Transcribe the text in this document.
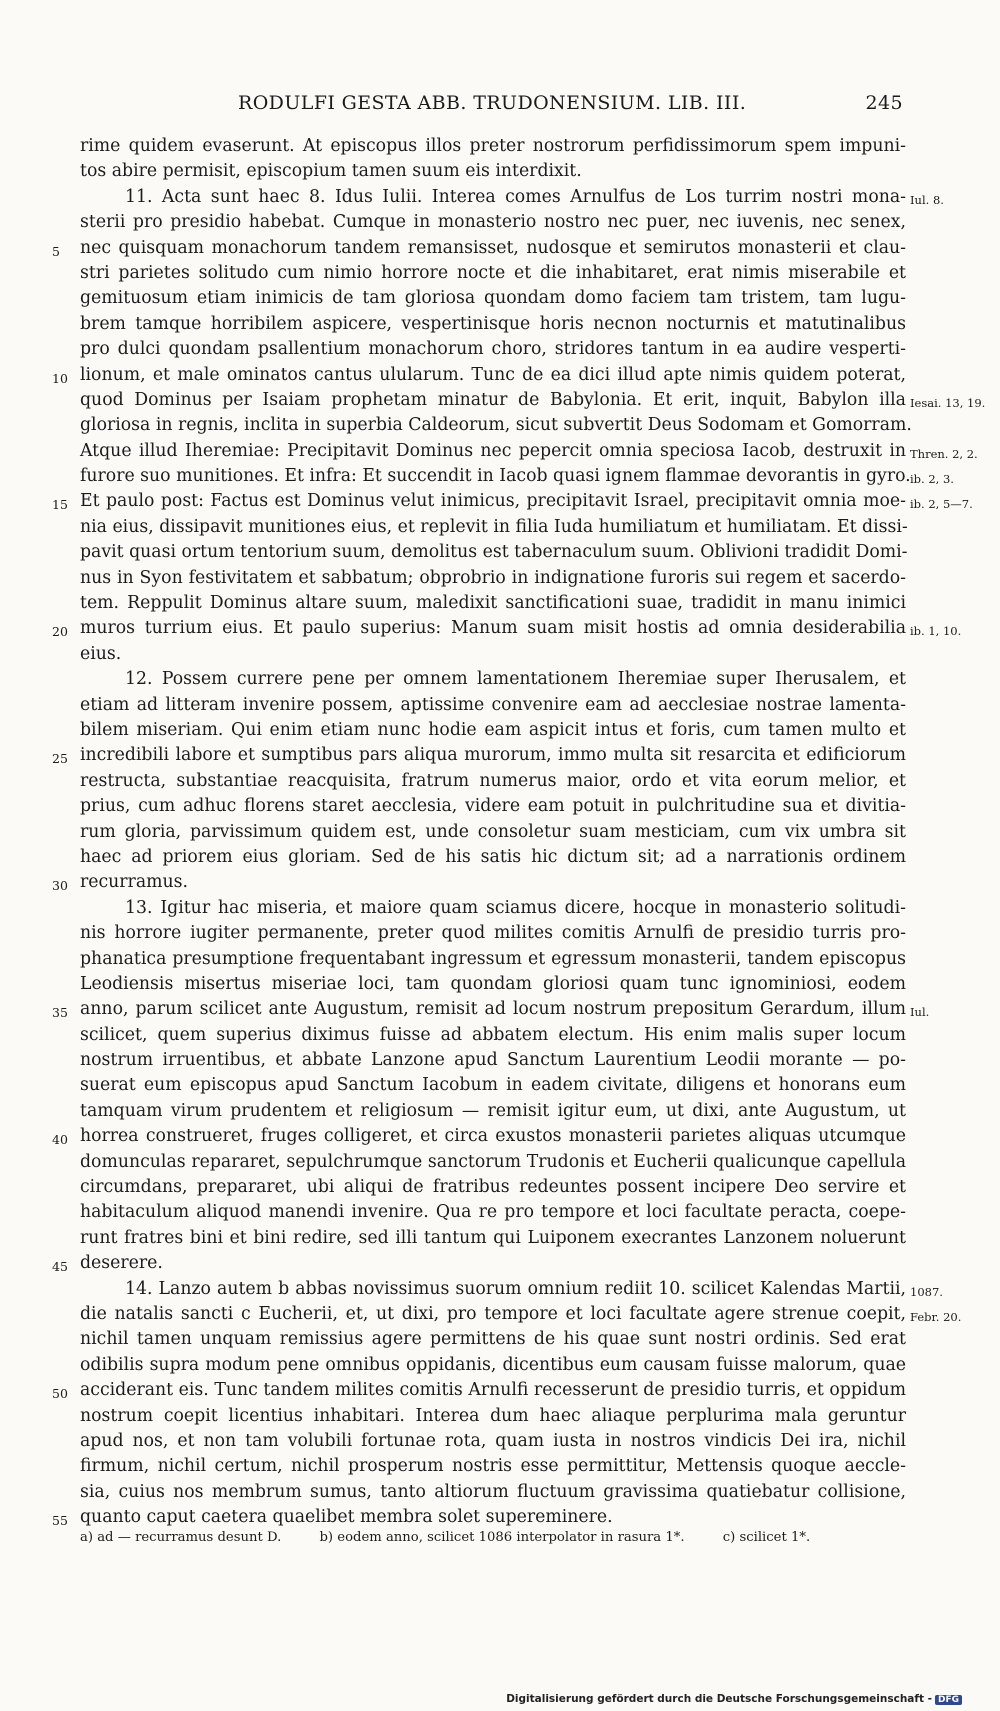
RODULFI GESTA ABB. TRUDONENSIUM. LIB. III.	245
rime quidem evaserunt. At episcopus illos preter nostrorum perfidissimorum spem impuni-
tos abire permisit, episcopium tamen suum eis interdixit.
11. Acta sunt haec 8. Idus Iulii. Interea comes Arnulfus de Los turrim nostri mona- Iul. 8.
sterii pro presidio habebat. Cumque in monasterio nostro nec puer, nec iuvenis, nec senex,
5	nec quisquam monachorum tandem remansisset, nudosque et semirutos monasterii et clau-
stri parietes solitudo cum nimio horrore nocte et die inhabitaret, erat nimis miserabile et
gemituosum etiam inimicis de tam gloriosa quondam domo faciem tam tristem, tam lugu-
brem tamque horribilem aspicere, vespertinisque horis necnon nocturnis et matutinalibus
pro dulci quondam psallentium monachorum choro, stridores tantum in ea audire vesperti-
10 lionum, et male ominatos cantus ulularum. Tunc de ea dici illud apte nimis quidem poterat,
quod Dominus per Isaiam prophetam minatur de Babylonia. Et erit, inquit, Babylon illa Iesai. 13, 19.
gloriosa in regnis, inclita in superbia Caldeorum, sicut subvertit Deus Sodomam et Gomorram.
Atque illud Iheremiae: Precipitavit Dominus nec pepercit omnia speciosa Iacob, destruxit in Thren. 2, 2.
furore suo munitiones. Et infra: Et succendit in Iacob quasi ignem flammae devorantis in gyro. ib. 2, 3.
15 Et paulo post: Factus est Dominus velut inimicus, precipitavit Israel, precipitavit omnia moe- ib. 2, 5—7.
nia eius, dissipavit munitiones eius, et replevit in filia Iuda humiliatum et humiliatam. Et dissi-
pavit quasi ortum tentorium suum, demolitus est tabernaculum suum. Oblivioni tradidit Domi-
nus in Syon festivitatem et sabbatum; obprobrio in indignatione furoris sui regem et sacerdo-
tem. Reppulit Dominus altare suum, maledixit sanctificationi suae, tradidit in manu inimici
20 muros turrium eius. Et paulo superius: Manum suam misit hostis ad omnia desiderabilia ib. 1, 10.
eius.
12. Possem currere pene per omnem lamentationem Iheremiae super Iherusalem, et
etiam ad litteram invenire possem, aptissime convenire eam ad aecclesiae nostrae lamenta-
bilem miseriam. Qui enim etiam nunc hodie eam aspicit intus et foris, cum tamen multo et
25 incredibili labore et sumptibus pars aliqua murorum, immo multa sit resarcita et edificiorum
restructa, substantiae reacquisita, fratrum numerus maior, ordo et vita eorum melior, et
prius, cum adhuc florens staret aecclesia, videre eam potuit in pulchritudine sua et divitia-
rum gloria, parvissimum quidem est, unde consoletur suam mesticiam, cum vix umbra sit
haec ad priorem eius gloriam. Sed de his satis hic dictum sit; ad a narrationis ordinem
30 recurramus.
13. Igitur hac miseria, et maiore quam sciamus dicere, hocque in monasterio solitudi-
nis horrore iugiter permanente, preter quod milites comitis Arnulfi de presidio turris pro-
phanatica presumptione frequentabant ingressum et egressum monasterii, tandem episcopus
Leodiensis misertus miseriae loci, tam quondam gloriosi quam tunc ignominiosi, eodem
35 anno, parum scilicet ante Augustum, remisit ad locum nostrum prepositum Gerardum, illum Iul.
scilicet, quem superius diximus fuisse ad abbatem electum. His enim malis super locum
nostrum irruentibus, et abbate Lanzone apud Sanctum Laurentium Leodii morante — po-
suerat eum episcopus apud Sanctum Iacobum in eadem civitate, diligens et honorans eum
tamquam virum prudentem et religiosum — remisit igitur eum, ut dixi, ante Augustum, ut
40 horrea construeret, fruges colligeret, et circa exustos monasterii parietes aliquas utcumque
domunculas repararet, sepulchrumque sanctorum Trudonis et Eucherii qualicunque capellula
circumdans, prepararet, ubi aliqui de fratribus redeuntes possent incipere Deo servire et
habitaculum aliquod manendi invenire. Qua re pro tempore et loci facultate peracta, coepe-
runt fratres bini et bini redire, sed illi tantum qui Luiponem execrantes Lanzonem noluerunt
45 deserere.
14. Lanzo autem b abbas novissimus suorum omnium rediit 10. scilicet Kalendas Martii, 1087.
die natalis sancti c Eucherii, et, ut dixi, pro tempore et loci facultate agere strenue coepit, Febr. 20.
nichil tamen unquam remissius agere permittens de his quae sunt nostri ordinis. Sed erat
odibilis supra modum pene omnibus oppidanis, dicentibus eum causam fuisse malorum, quae
50 acciderant eis. Tunc tandem milites comitis Arnulfi recesserunt de presidio turris, et oppidum
nostrum coepit licentius inhabitari. Interea dum haec aliaque perplurima mala geruntur
apud nos, et non tam volubili fortunae rota, quam iusta in nostros vindicis Dei ira, nichil
firmum, nichil certum, nichil prosperum nostris esse permittitur, Mettensis quoque aeccle-
sia, cuius nos membrum sumus, tanto altiorum fluctuum gravissima quatiebatur collisione,
55 quanto caput caetera quaelibet membra solet supereminere.
a) ad — recurramus desunt D.	b) eodem anno, scilicet 1086 interpolator in rasura 1*.	c) scilicet 1*.
Digitalisierung gefördert durch die Deutsche Forschungsgemeinschaft - DFG
